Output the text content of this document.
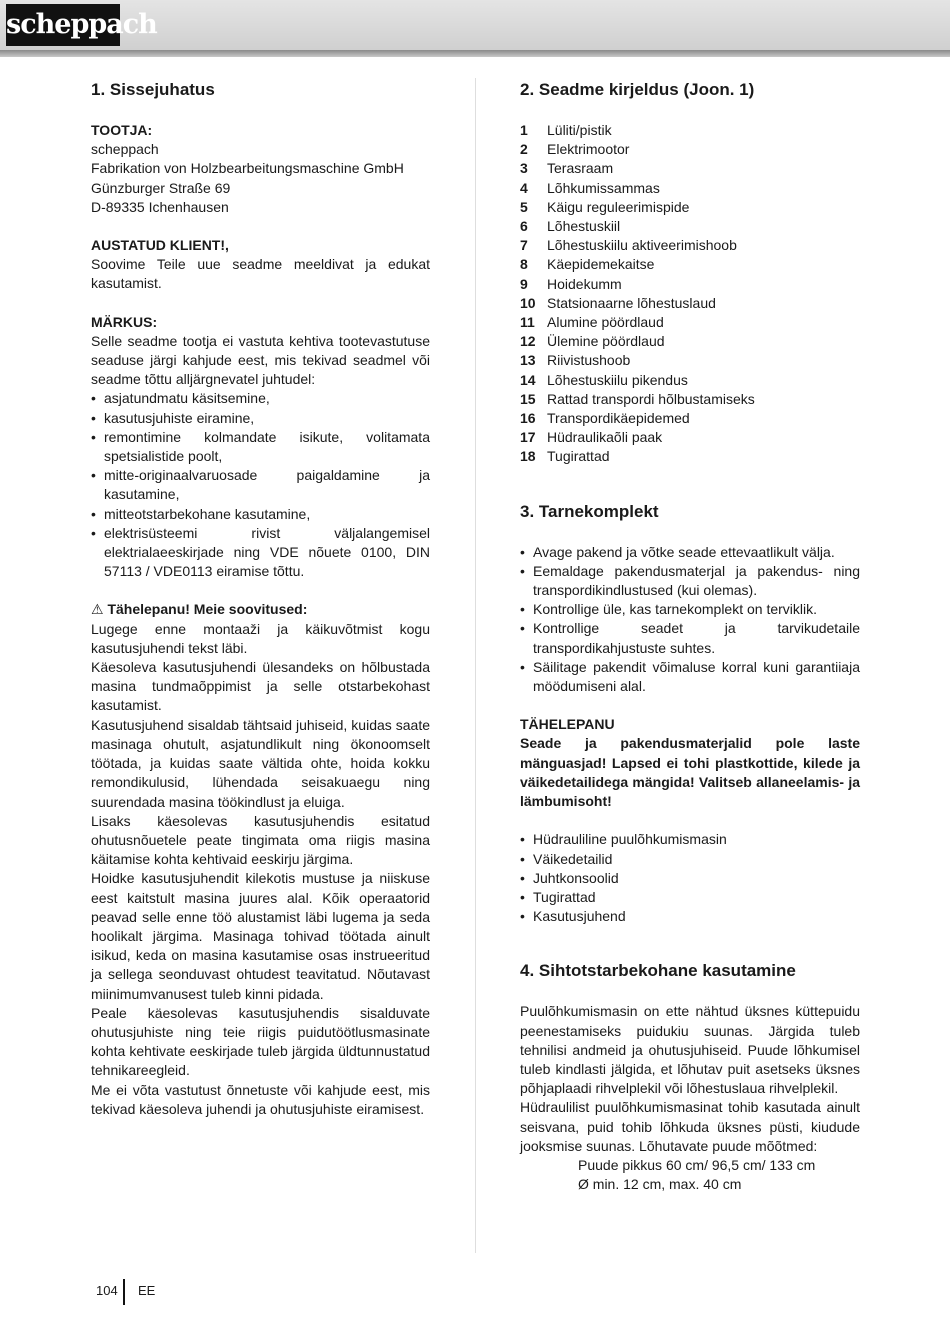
scheppach
1. Sissejuhatus

TOOTJA:

scheppach
Fabrikation von Holzbearbeitungsmaschine GmbH
Günzburger Straße 69
D-89335 Ichenhausen

AUSTATUD KLIENT!,

Soovime Teile uue seadme meeldivat ja edukat kasutamist.

MÄRKUS:

Selle seadme tootja ei vastuta kehtiva tootevastutuse seaduse järgi kahjude eest, mis tekivad seadmel või seadme tõttu alljärgnevatel juhtudel:

• asjatundmatu käsitsemine,
• kasutusjuhiste eiramine,
• remontimine kolmandate isikute, volitamata spetsialistide poolt,
• mitte-originaalvaruosade paigaldamine ja kasutamine,
• mitteotstarbekohane kasutamine,
• elektrisüsteemi rivist väljalangemisel elektrialaeeskirjade ning VDE nõuete 0100, DIN 57113 / VDE0113 eiramise tõttu.

⚠ Tähelepanu! Meie soovitused:

Lugege enne montaaži ja käikuvõtmist kogu kasutusjuhendi tekst läbi.

Käesoleva kasutusjuhendi ülesandeks on hõlbustada masina tundmaõppimist ja selle otstarbekohast kasutamist.

Kasutusjuhend sisaldab tähtsaid juhiseid, kuidas saate masinaga ohutult, asjatundlikult ning ökonoomselt töötada, ja kuidas saate vältida ohte, hoida kokku remondikulusid, lühendada seisakuaegu ning suurendada masina töökindlust ja eluiga.

Lisaks käesolevas kasutusjuhendis esitatud ohutusnõuetele peate tingimata oma riigis masina käitamise kohta kehtivaid eeskirju järgima.

Hoidke kasutusjuhendit kilekotis mustuse ja niiskuse eest kaitstult masina juures alal. Kõik operaatorid peavad selle enne töö alustamist läbi lugema ja seda hoolikalt järgima. Masinaga tohivad töötada ainult isikud, keda on masina kasutamise osas instrueeritud ja sellega seonduvast ohtudest teavitatud. Nõutavast miinimumvanusest tuleb kinni pidada.

Peale käesolevas kasutusjuhendis sisalduvate ohutusjuhiste ning teie riigis puidutöötlusmasinate kohta kehtivate eeskirjade tuleb järgida üldtunnustatud tehnikareegleid.

Me ei võta vastutust õnnetuste või kahjude eest, mis tekivad käesoleva juhendi ja ohutusjuhiste eiramisest.

2. Seadme kirjeldus (Joon. 1)
1 Lüliti/pistik
2 Elektrimootor
3 Terasraam
4 Lõhkumissammas
5 Käigu reguleerimispide
6 Lõhestuskiil
7 Lõhestuskiilu aktiveerimishoob
8 Käepidemekaitse
9 Hoidekumm
10 Statsionaarne lõhestuslaud
11 Alumine pöördlaud
12 Ülemine pöördlaud
13 Riivistushoob
14 Lõhestuskiilu pikendus
15 Rattad transpordi hõlbustamiseks
16 Transpordikäepidemed
17 Hüdraulikaõli paak
18 Tugirattad
3. Tarnekomplekt
• Avage pakend ja võtke seade ettevaatlikult välja.
• Eemaldage pakendusmaterjal ja pakendus- ning transpordikindlustused (kui olemas).
• Kontrollige üle, kas tarnekomplekt on terviklik.
• Kontrollige seadet ja tarvikudetaile transpordikahjustuste suhtes.
• Säilitage pakendit võimaluse korral kuni garantiiaja möödumiseni alal.

TÄHELEPANU

Seade ja pakendusmaterjalid pole laste mänguasjad! Lapsed ei tohi plastkottide, kilede ja väikedetailidega mängida! Valitseb allaneelamis- ja lämbumisoht!

• Hüdrauliline puulõhkumismasin
• Väikedetailid
• Juhtkonsoolid
• Tugirattad
• Kasutusjuhend
4. Sihtotstarbekohane kasutamine

Puulõhkumismasin on ette nähtud üksnes küttepuidu peenestamiseks puidukiu suunas. Järgida tuleb tehnilisi andmeid ja ohutusjuhiseid. Puude lõhkumisel tuleb kindlasti jälgida, et lõhutav puit asetseks üksnes põhjaplaadi rihvelplekil või lõhestuslaua rihvelplekil.

Hüdraulilist puulõhkumismasinat tohib kasutada ainult seisvana, puid tohib lõhkuda üksnes püsti, kiudude jooksmise suunas. Lõhutavate puude mõõtmed:

Puude pikkus 60 cm/ 96,5 cm/ 133 cm

Ø min. 12 cm, max. 40 cm

104 EE
